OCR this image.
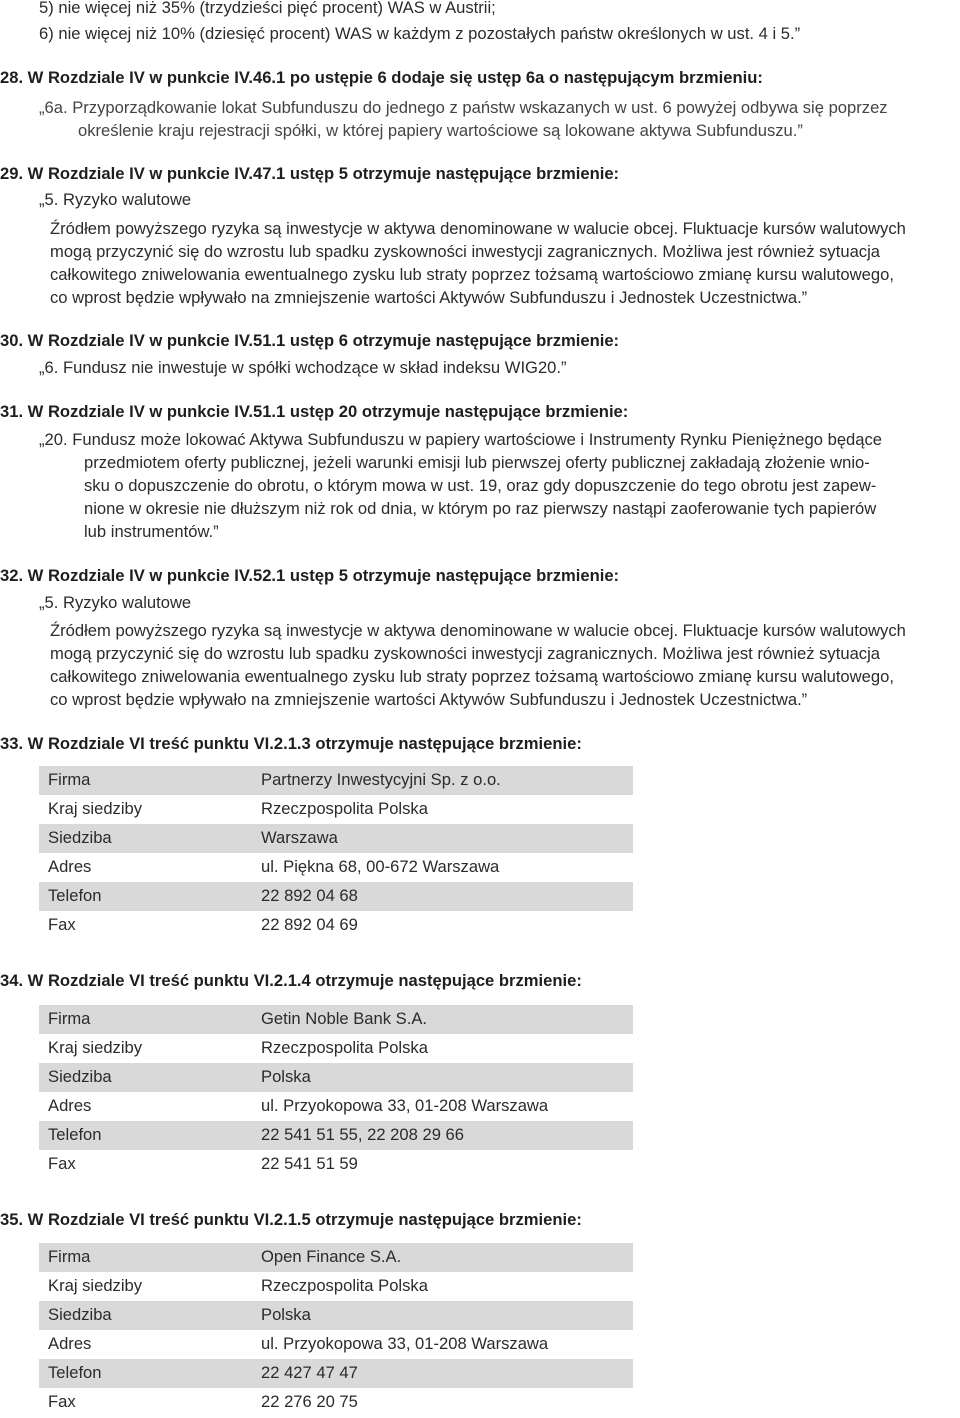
5) nie więcej niż 35% (trzydzieści pięć procent) WAS w Austrii;
6) nie więcej niż 10% (dziesięć procent) WAS w każdym z pozostałych państw określonych w ust. 4 i 5.”
28. W Rozdziale IV w punkcie IV.46.1 po ustępie 6 dodaje się ustęp 6a o następującym brzmieniu:
„6a. Przyporządkowanie lokat Subfunduszu do jednego z państw wskazanych w ust. 6 powyżej odbywa się poprzez
określenie kraju rejestracji spółki, w której papiery wartościowe są lokowane aktywa Subfunduszu.”
29. W Rozdziale IV w punkcie IV.47.1 ustęp 5 otrzymuje następujące brzmienie:
„5. Ryzyko walutowe
Źródłem powyższego ryzyka są inwestycje w aktywa denominowane w walucie obcej. Fluktuacje kursów walutowych
mogą przyczynić się do wzrostu lub spadku zyskowności inwestycji zagranicznych. Możliwa jest również sytuacja
całkowitego zniwelowania ewentualnego zysku lub straty poprzez tożsamą wartościowo zmianę kursu walutowego,
co wprost będzie wpływało na zmniejszenie wartości Aktywów Subfunduszu i Jednostek Uczestnictwa.”
30. W Rozdziale IV w punkcie IV.51.1 ustęp 6 otrzymuje następujące brzmienie:
„6. Fundusz nie inwestuje w spółki wchodzące w skład indeksu WIG20.”
31. W Rozdziale IV w punkcie IV.51.1 ustęp 20 otrzymuje następujące brzmienie:
„20. Fundusz może lokować Aktywa Subfunduszu w papiery wartościowe i Instrumenty Rynku Pieniężnego będące
przedmiotem oferty publicznej, jeżeli warunki emisji lub pierwszej oferty publicznej zakładają złożenie wnio-
sku o dopuszczenie do obrotu, o którym mowa w ust. 19, oraz gdy dopuszczenie do tego obrotu jest zapew-
nione w okresie nie dłuższym niż rok od dnia, w którym po raz pierwszy nastąpi zaoferowanie tych papierów
lub instrumentów.”
32. W Rozdziale IV w punkcie IV.52.1 ustęp 5 otrzymuje następujące brzmienie:
„5. Ryzyko walutowe
Źródłem powyższego ryzyka są inwestycje w aktywa denominowane w walucie obcej. Fluktuacje kursów walutowych
mogą przyczynić się do wzrostu lub spadku zyskowności inwestycji zagranicznych. Możliwa jest również sytuacja
całkowitego zniwelowania ewentualnego zysku lub straty poprzez tożsamą wartościowo zmianę kursu walutowego,
co wprost będzie wpływało na zmniejszenie wartości Aktywów Subfunduszu i Jednostek Uczestnictwa.”
33. W Rozdziale VI treść punktu VI.2.1.3 otrzymuje następujące brzmienie:
Firma	Partnerzy Inwestycyjni Sp. z o.o.
Kraj siedziby	Rzeczpospolita Polska
Siedziba	Warszawa
Adres	ul. Piękna 68, 00-672 Warszawa
Telefon	22 892 04 68
Fax	22 892 04 69
34. W Rozdziale VI treść punktu VI.2.1.4 otrzymuje następujące brzmienie:
Firma	Getin Noble Bank S.A.
Kraj siedziby	Rzeczpospolita Polska
Siedziba	Polska
Adres	ul. Przyokopowa 33, 01-208 Warszawa
Telefon	22 541 51 55, 22 208 29 66
Fax	22 541 51 59
35. W Rozdziale VI treść punktu VI.2.1.5 otrzymuje następujące brzmienie:
Firma	Open Finance S.A.
Kraj siedziby	Rzeczpospolita Polska
Siedziba	Polska
Adres	ul. Przyokopowa 33, 01-208 Warszawa
Telefon	22 427 47 47
Fax	22 276 20 75
